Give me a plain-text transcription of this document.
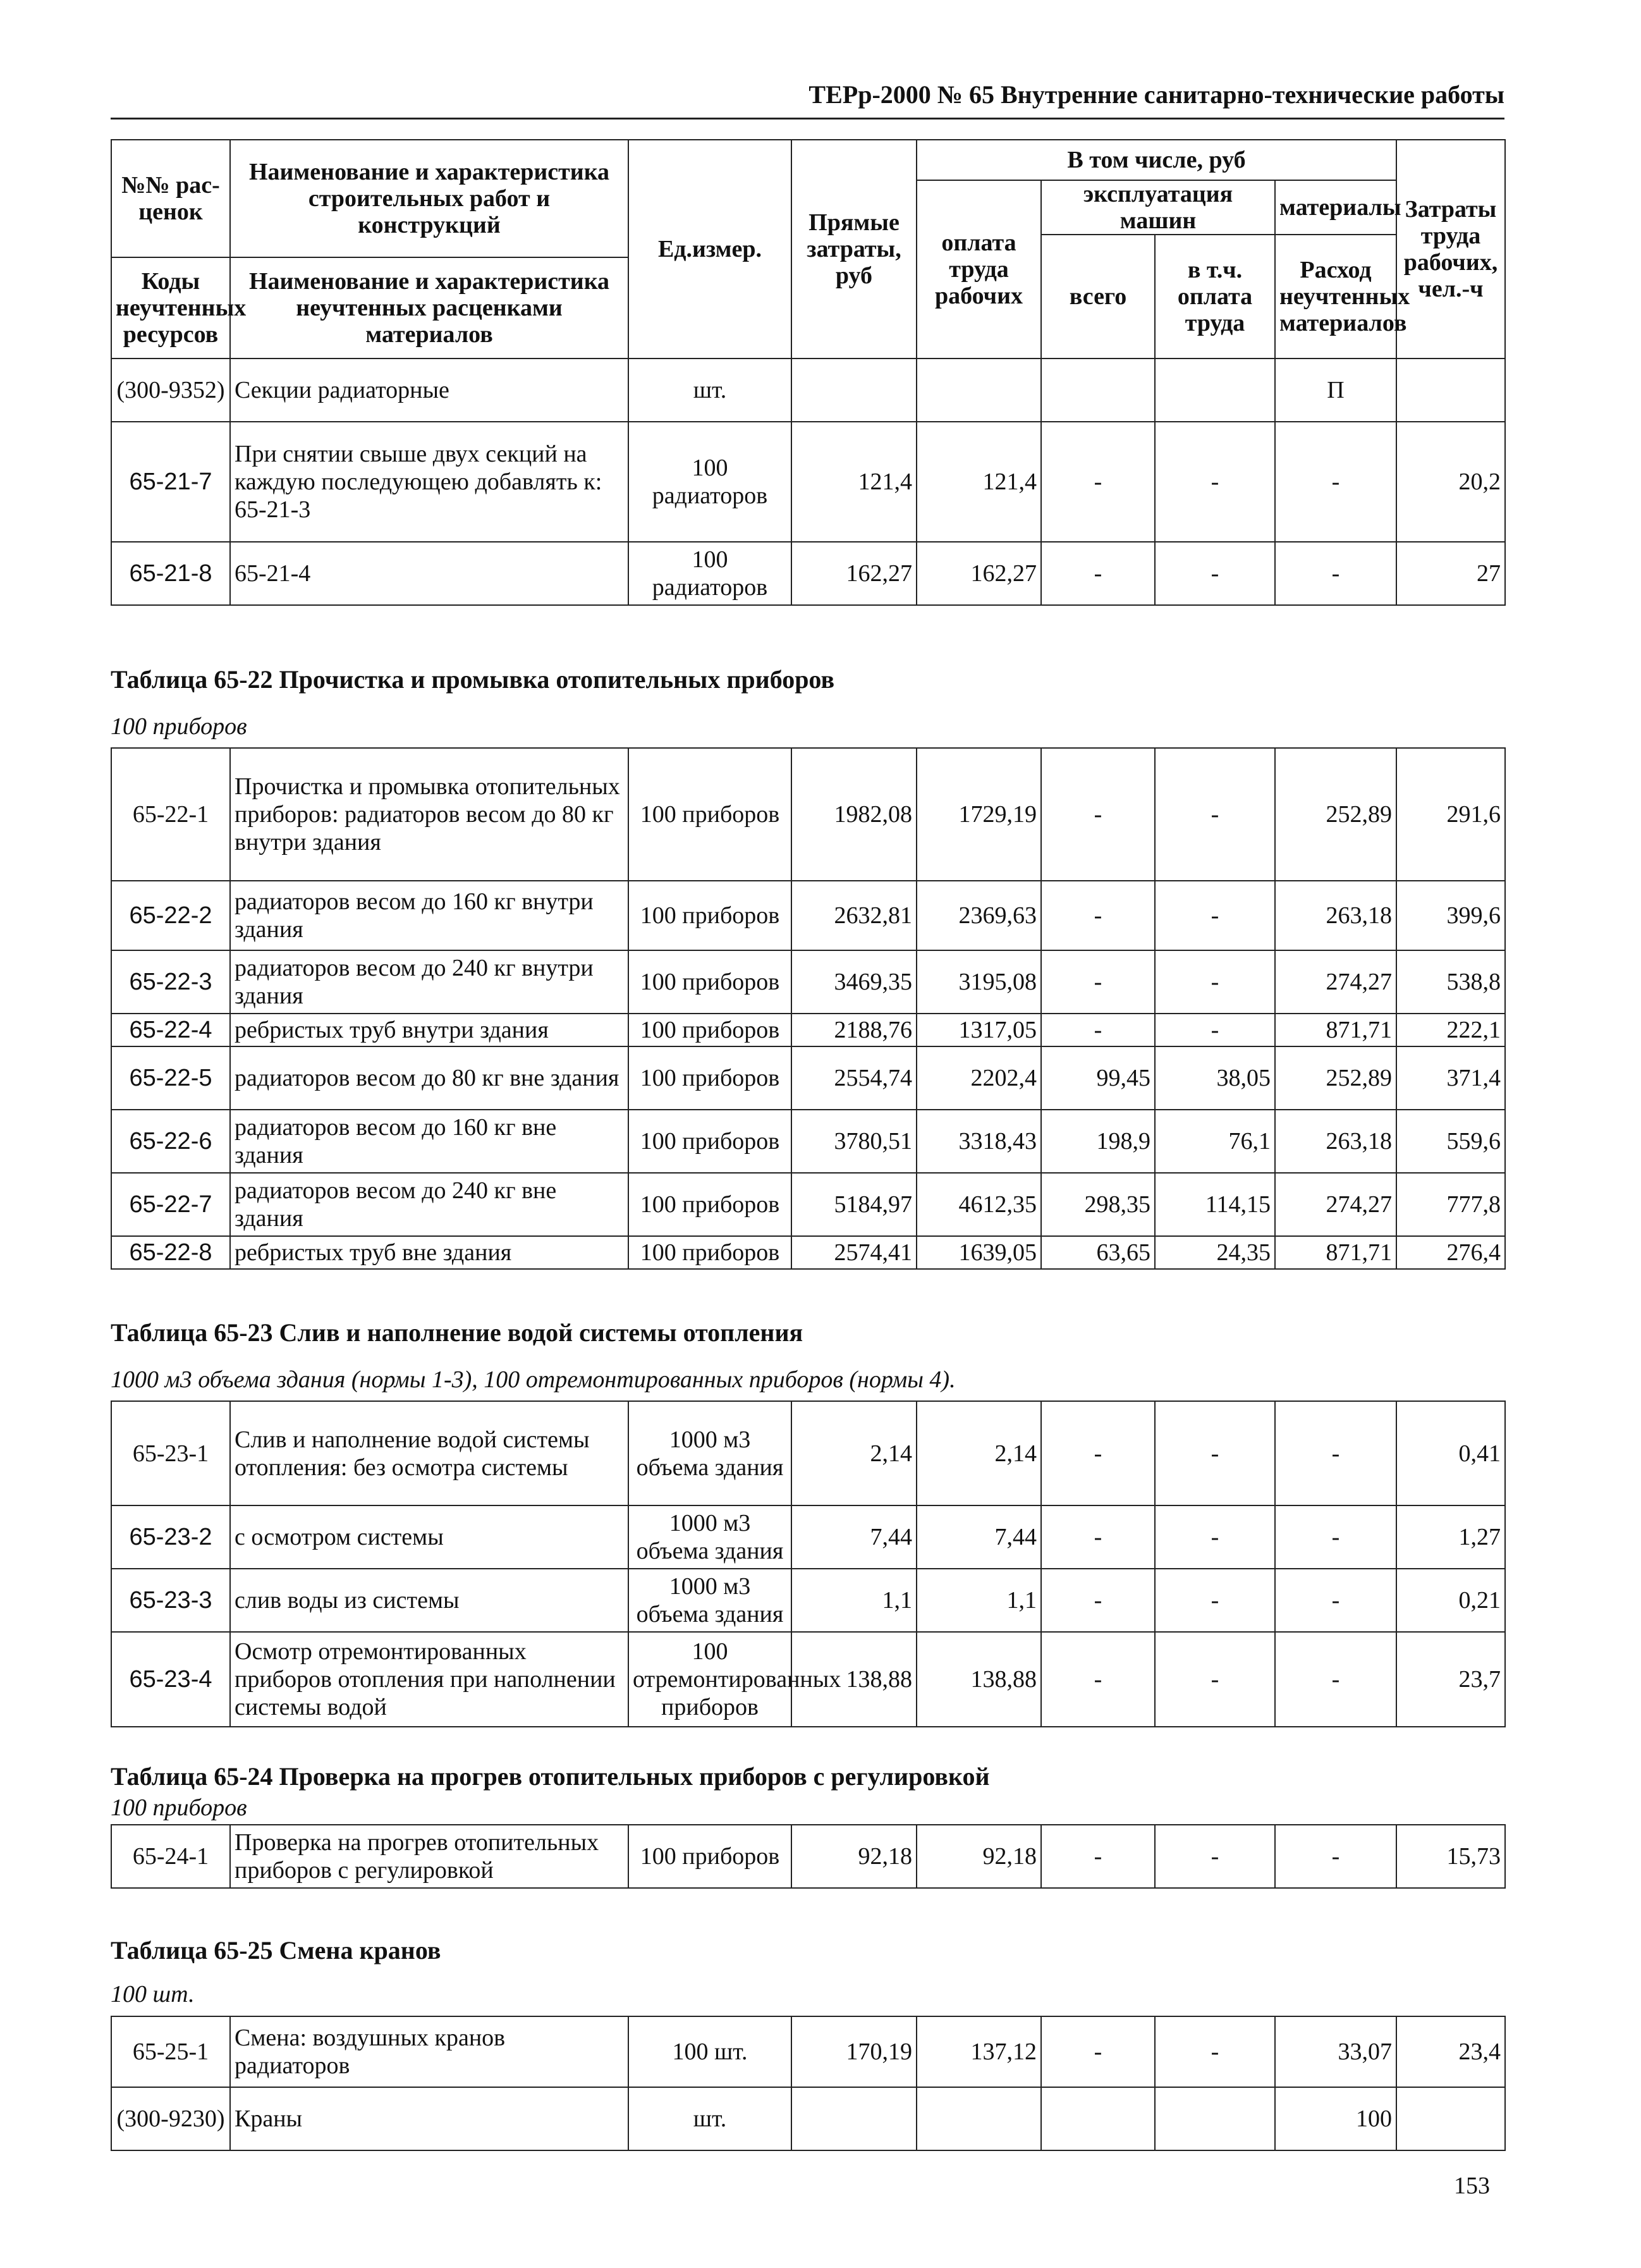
ТЕРр-2000 № 65 Внутренние санитарно-технические работы
№№ рас-ценок	Наименование и характеристика строительных работ и конструкций	Ед.измер.	Прямые затраты, руб	В том числе, руб				Затраты труда рабочих, чел.-ч
				оплата труда рабочих	эксплуатация машин		материалы	
					всего	в т.ч. оплата труда	Расход неучтенных материалов	
Коды неучтенных ресурсов	Наименование и характеристика неучтенных расценками материалов							

(300-9352)	Секции радиаторные	шт.					П	
65-21-7	При снятии свыше двух секций на каждую последующею добавлять к: 65-21-3	100 радиаторов	121,4	121,4	-	-	-	20,2
65-21-8	65-21-4	100 радиаторов	162,27	162,27	-	-	-	27
Таблица 65-22 Прочистка и промывка отопительных приборов
100 приборов
65-22-1	Прочистка и промывка отопительных приборов: радиаторов весом до 80 кг внутри здания	100 приборов	1982,08	1729,19	-	-	252,89	291,6
65-22-2	радиаторов весом до 160 кг внутри здания	100 приборов	2632,81	2369,63	-	-	263,18	399,6
65-22-3	радиаторов весом до 240 кг внутри здания	100 приборов	3469,35	3195,08	-	-	274,27	538,8
65-22-4	ребристых труб внутри здания	100 приборов	2188,76	1317,05	-	-	871,71	222,1
65-22-5	радиаторов весом до 80 кг вне здания	100 приборов	2554,74	2202,4	99,45	38,05	252,89	371,4
65-22-6	радиаторов весом до 160 кг вне здания	100 приборов	3780,51	3318,43	198,9	76,1	263,18	559,6
65-22-7	радиаторов весом до 240 кг вне здания	100 приборов	5184,97	4612,35	298,35	114,15	274,27	777,8
65-22-8	ребристых труб вне здания	100 приборов	2574,41	1639,05	63,65	24,35	871,71	276,4
Таблица 65-23 Слив и наполнение водой системы отопления
1000 м3 объема здания (нормы 1-3), 100 отремонтированных приборов (нормы 4).
65-23-1	Слив и наполнение водой системы отопления: без осмотра системы	1000 м3 объема здания	2,14	2,14	-	-	-	0,41
65-23-2	с осмотром системы	1000 м3 объема здания	7,44	7,44	-	-	-	1,27
65-23-3	слив воды из системы	1000 м3 объема здания	1,1	1,1	-	-	-	0,21
65-23-4	Осмотр отремонтированных приборов отопления при наполнении системы водой	100 отремонтированных приборов	138,88	138,88	-	-	-	23,7
Таблица 65-24 Проверка на прогрев отопительных приборов с регулировкой
100 приборов
65-24-1	Проверка на прогрев отопительных приборов с регулировкой	100 приборов	92,18	92,18	-	-	-	15,73
Таблица 65-25 Смена кранов
100 шт.
65-25-1	Смена: воздушных кранов радиаторов	100 шт.	170,19	137,12	-	-	33,07	23,4
(300-9230)	Краны	шт.					100	
153
